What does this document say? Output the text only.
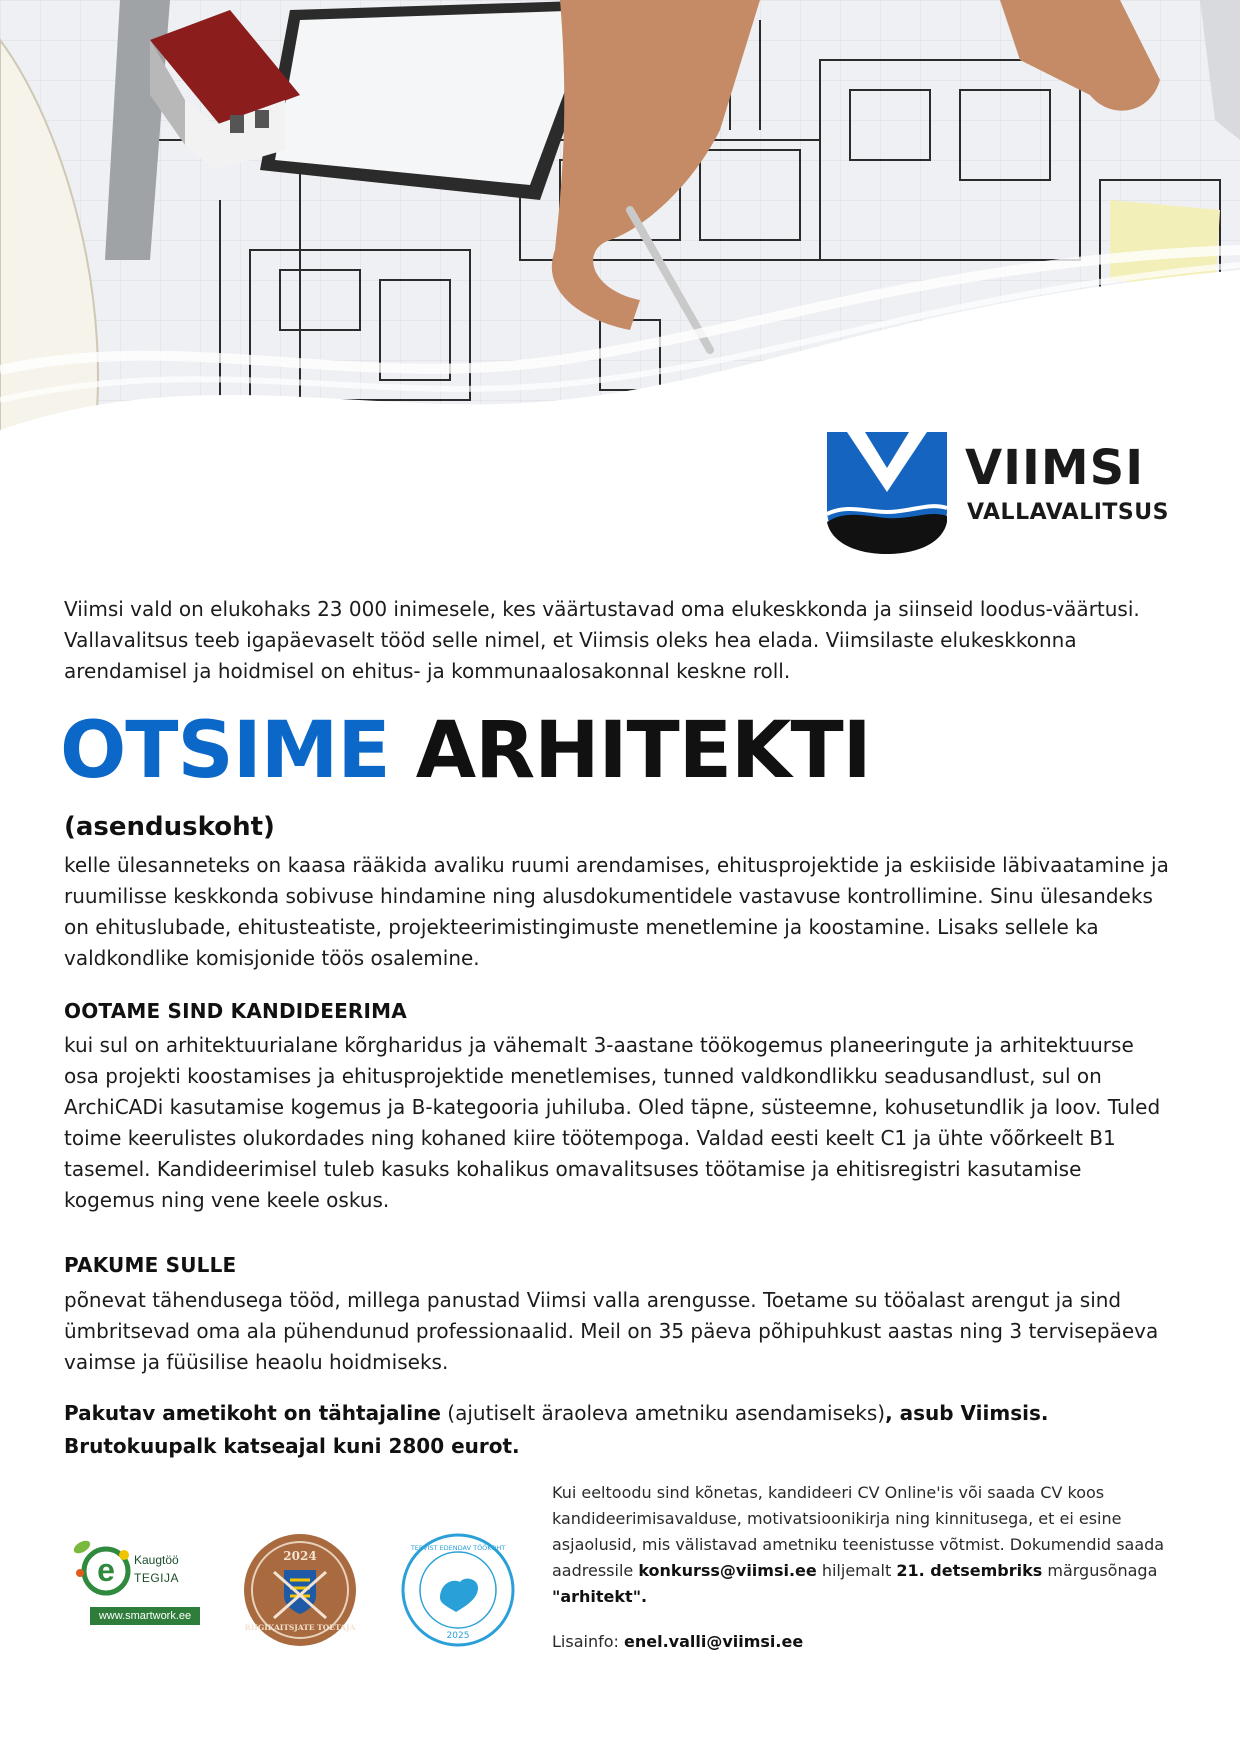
VIIMSI
VALLAVALITSUS

Viimsi vald on elukohaks 23 000 inimesele, kes väärtustavad oma elukeskkonda ja siinseid loodus-väärtusi. Vallavalitsus teeb igapäevaselt tööd selle nimel, et Viimsis oleks hea elada. Viimsilaste elukeskkonna arendamisel ja hoidmisel on ehitus- ja kommunaalosakonnal keskne roll.

OTSIME ARHITEKTI
(asenduskoht)

kelle ülesanneteks on kaasa rääkida avaliku ruumi arendamises, ehitusprojektide ja eskiiside läbivaatamine ja ruumilisse keskkonda sobivuse hindamine ning alusdokumentidele vastavuse kontrollimine. Sinu ülesandeks on ehituslubade, ehitusteatiste, projekteerimistingimuste menetlemine ja koostamine. Lisaks sellele ka valdkondlike komisjonide töös osalemine.

OOTAME SIND KANDIDEERIMA

kui sul on arhitektuurialane kõrgharidus ja vähemalt 3-aastane töökogemus planeeringute ja arhitektuurse osa projekti koostamises ja ehitusprojektide menetlemises, tunned valdkondlikku seadusandlust, sul on ArchiCADi kasutamise kogemus ja B-kategooria juhiluba. Oled täpne, süsteemne, kohusetundlik ja loov. Tuled toime keerulistes olukordades ning kohaned kiire töötempoga. Valdad eesti keelt C1 ja ühte võõrkeelt B1 tasemel. Kandideerimisel tuleb kasuks kohalikus omavalitsuses töötamise ja ehitisregistri kasutamise kogemus ning vene keele oskus.

PAKUME SULLE

põnevat tähendusega tööd, millega panustad Viimsi valla arengusse. Toetame su tööalast arengut ja sind ümbritsevad oma ala pühendunud professionaalid. Meil on 35 päeva põhipuhkust aastas ning 3 tervisepäeva vaimse ja füüsilise heaolu hoidmiseks.

Pakutav ametikoht on tähtajaline (ajutiselt äraoleva ametniku asendamiseks), asub Viimsis.
Brutokuupalk katseajal kuni 2800 eurot.

Kui eeltoodu sind kõnetas, kandideeri CV Online'is või saada CV koos kandideerimisavalduse, motivatsioonikirja ning kinnitusega, et ei esine asjaolusid, mis välistavad ametniku teenistusse võtmist. Dokumendid saada aadressile konkurss@viimsi.ee hiljemalt 21. detsembriks märgusõnaga "arhitekt".

Lisainfo: enel.valli@viimsi.ee

e Kaugtöö
TEGIJA
www.smartwork.ee
2024
RIIGIKAITSJATE TOETAJA
TERVIST EDENDAV TÖÖKOHT
2025
